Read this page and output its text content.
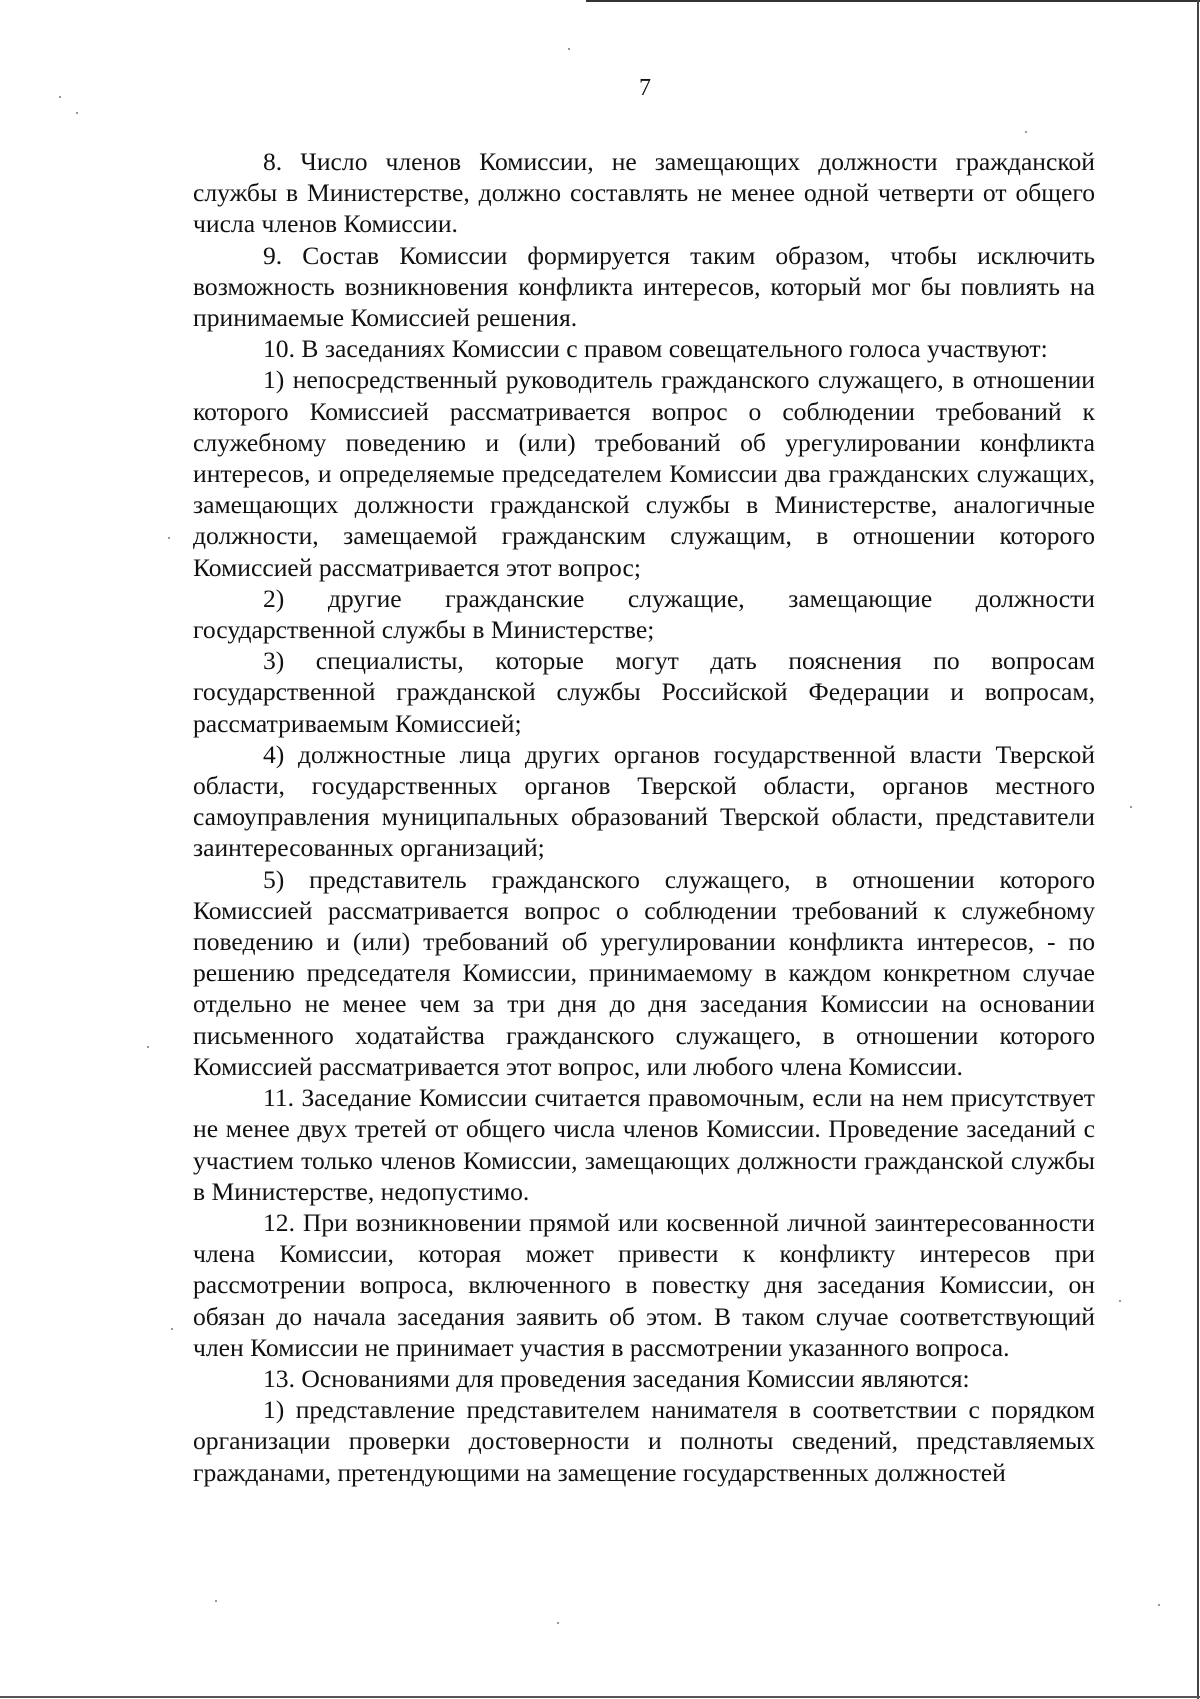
7

8. Число членов Комиссии, не замещающих должности гражданской службы в Министерстве, должно составлять не менее одной четверти от общего числа членов Комиссии.

9. Состав Комиссии формируется таким образом, чтобы исключить возможность возникновения конфликта интересов, который мог бы повлиять на принимаемые Комиссией решения.

10. В заседаниях Комиссии с правом совещательного голоса участвуют:

1) непосредственный руководитель гражданского служащего, в отношении которого Комиссией рассматривается вопрос о соблюдении требований к служебному поведению и (или) требований об урегулировании конфликта интересов, и определяемые председателем Комиссии два гражданских служащих, замещающих должности гражданской службы в Министерстве, аналогичные должности, замещаемой гражданским служащим, в отношении которого Комиссией рассматривается этот вопрос;

2) другие гражданские служащие, замещающие должности государственной службы в Министерстве;

3) специалисты, которые могут дать пояснения по вопросам государственной гражданской службы Российской Федерации и вопросам, рассматриваемым Комиссией;

4) должностные лица других органов государственной власти Тверской области, государственных органов Тверской области, органов местного самоуправления муниципальных образований Тверской области, представители заинтересованных организаций;

5) представитель гражданского служащего, в отношении которого Комиссией рассматривается вопрос о соблюдении требований к служебному поведению и (или) требований об урегулировании конфликта интересов, - по решению председателя Комиссии, принимаемому в каждом конкретном случае отдельно не менее чем за три дня до дня заседания Комиссии на основании письменного ходатайства гражданского служащего, в отношении которого Комиссией рассматривается этот вопрос, или любого члена Комиссии.

11. Заседание Комиссии считается правомочным, если на нем присутствует не менее двух третей от общего числа членов Комиссии. Проведение заседаний с участием только членов Комиссии, замещающих должности гражданской службы в Министерстве, недопустимо.

12. При возникновении прямой или косвенной личной заинтересованности члена Комиссии, которая может привести к конфликту интересов при рассмотрении вопроса, включенного в повестку дня заседания Комиссии, он обязан до начала заседания заявить об этом. В таком случае соответствующий член Комиссии не принимает участия в рассмотрении указанного вопроса.

13. Основаниями для проведения заседания Комиссии являются:

1) представление представителем нанимателя в соответствии с порядком организации проверки достоверности и полноты сведений, представляемых гражданами, претендующими на замещение государственных должностей
